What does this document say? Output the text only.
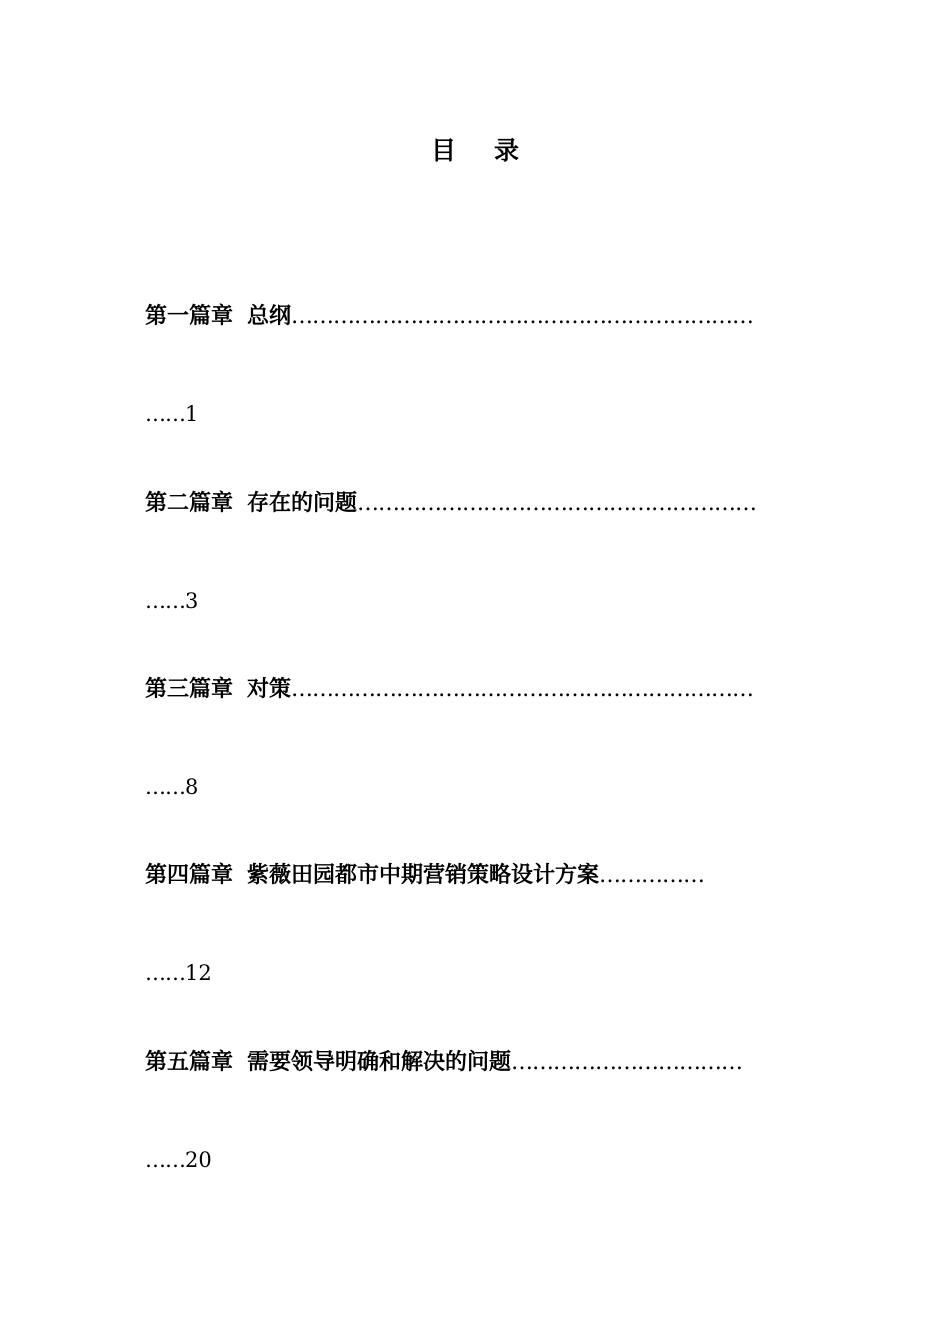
目 录
第一篇章 总纲…………………………………………………………
……1
第二篇章 存在的问题…………………………………………………
……3
第三篇章 对策…………………………………………………………
……8
第四篇章 紫薇田园都市中期营销策略设计方案……………
……12
第五篇章 需要领导明确和解决的问题……………………………
……20
